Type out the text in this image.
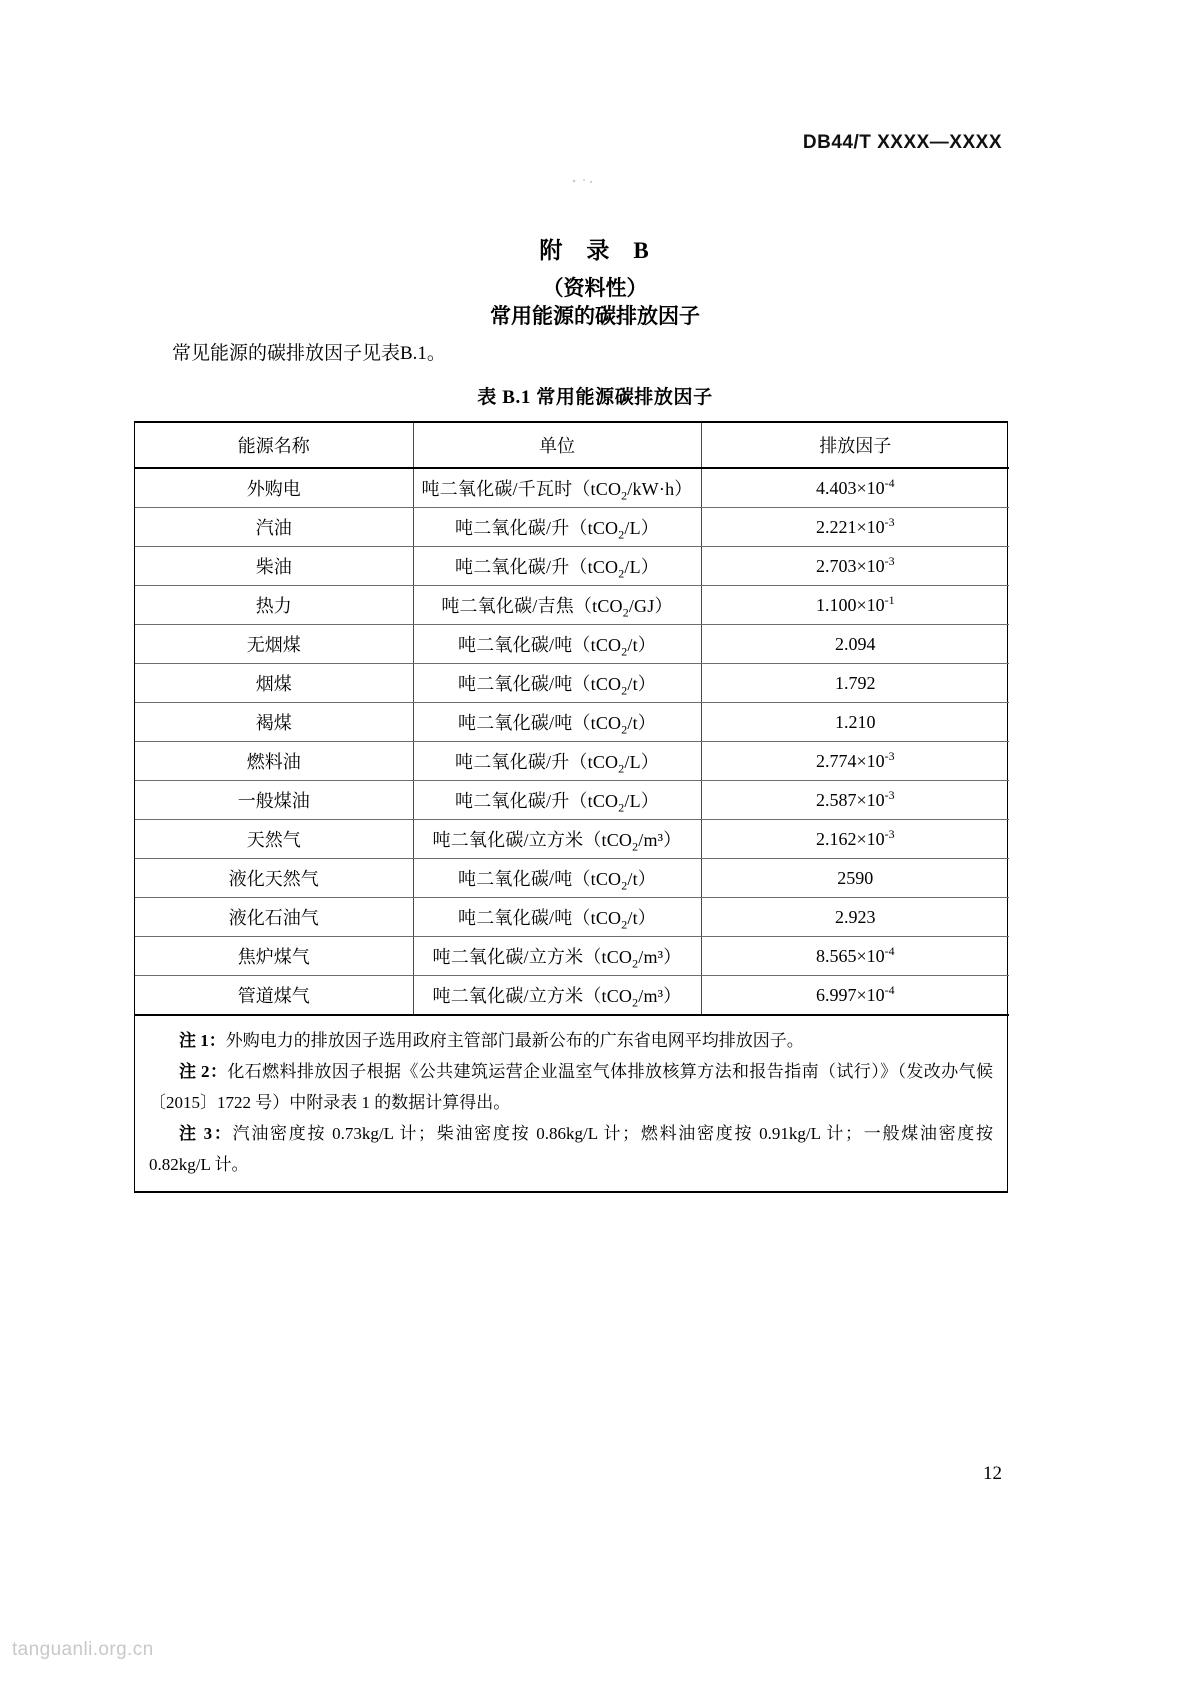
DB44/T XXXX—XXXX
附 录 B
（资料性）
常用能源的碳排放因子
常见能源的碳排放因子见表B.1。
表 B.1 常用能源碳排放因子
能源名称	单位	排放因子
外购电	吨二氧化碳/千瓦时（tCO$_2$/kW·h）	$4.403\times 10^{-4}$
汽油	吨二氧化碳/升（tCO$_2$/L）	$2.221\times 10^{-3}$
柴油	吨二氧化碳/升（tCO$_2$/L）	$2.703\times 10^{-3}$
热力	吨二氧化碳/吉焦（tCO$_2$/GJ）	$1.100\times 10^{-1}$
无烟煤	吨二氧化碳/吨（tCO$_2$/t）	2.094
烟煤	吨二氧化碳/吨（tCO$_2$/t）	1.792
褐煤	吨二氧化碳/吨（tCO$_2$/t）	1.210
燃料油	吨二氧化碳/升（tCO$_2$/L）	$2.774\times 10^{-3}$
一般煤油	吨二氧化碳/升（tCO$_2$/L）	$2.587\times 10^{-3}$
天然气	吨二氧化碳/立方米（tCO$_2$/m³）	$2.162\times 10^{-3}$
液化天然气	吨二氧化碳/吨（tCO$_2$/t）	2590
液化石油气	吨二氧化碳/吨（tCO$_2$/t）	2.923
焦炉煤气	吨二氧化碳/立方米（tCO$_2$/m³）	$8.565\times 10^{-4}$
管道煤气	吨二氧化碳/立方米（tCO$_2$/m³）	$6.997\times 10^{-4}$
注 1：外购电力的排放因子选用政府主管部门最新公布的广东省电网平均排放因子。
注 2：化石燃料排放因子根据《公共建筑运营企业温室气体排放核算方法和报告指南（试行）》（发改办气候〔2015〕1722 号）中附录表 1 的数据计算得出。
注 3：汽油密度按 0.73kg/L 计；柴油密度按 0.86kg/L 计；燃料油密度按 0.91kg/L 计；一般煤油密度按 0.82kg/L 计。
12
tanguanli.org.cn
